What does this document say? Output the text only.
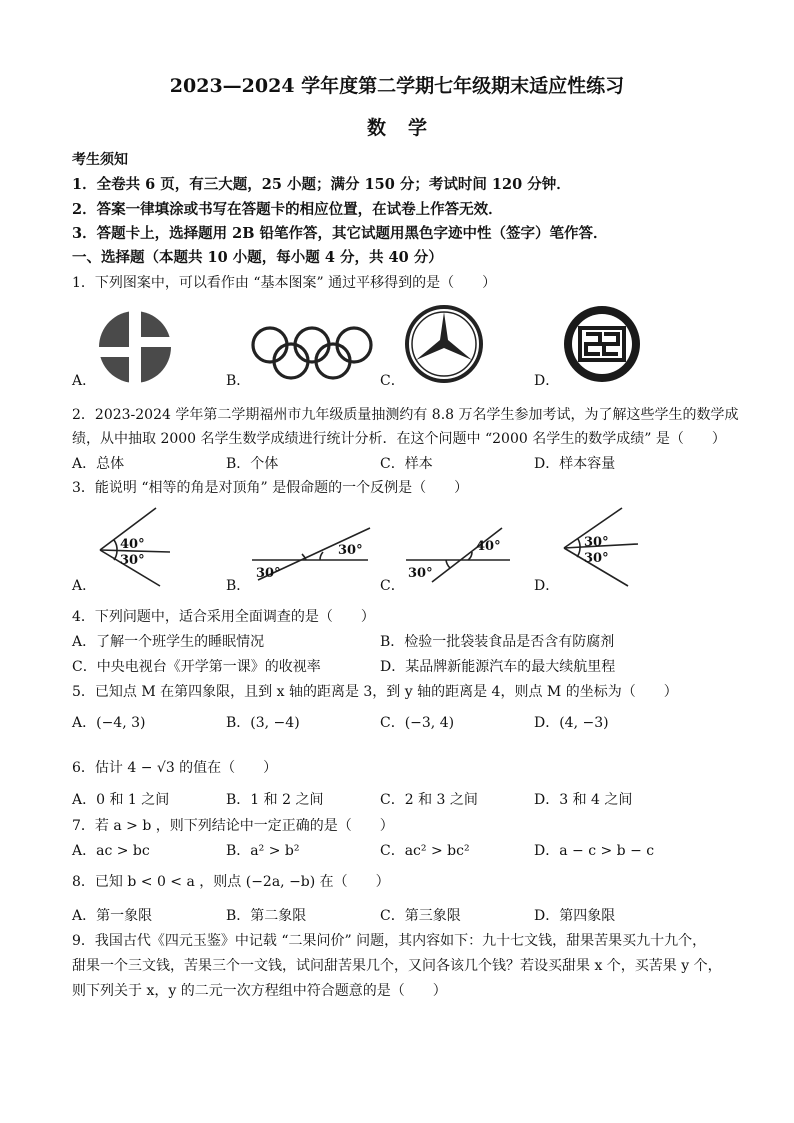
2023—2024 学年度第二学期七年级期末适应性练习
数学
考生须知
1．全卷共 6 页，有三大题，25 小题；满分 150 分；考试时间 120 分钟．
2．答案一律填涂或书写在答题卡的相应位置，在试卷上作答无效．
3．答题卡上，选择题用 2B 铅笔作答，其它试题用黑色字迹中性（签字）笔作答．
一、选择题（本题共 10 小题，每小题 4 分，共 40 分）
1．下列图案中，可以看作由 “基本图案” 通过平移得到的是（　　）
A．	B．	C．	D．
2．2023-2024 学年第二学期福州市九年级质量抽测约有 8.8 万名学生参加考试，为了解这些学生的数学成
绩，从中抽取 2000 名学生数学成绩进行统计分析．在这个问题中 “2000 名学生的数学成绩” 是（　　）
A．总体	B．个体	C．样本	D．样本容量
3．能说明 “相等的角是对顶角” 是假命题的一个反例是（　　）
A．
40°
30°
B．
30°
30°
C．
30°
40°
D．
30°
30°
4．下列问题中，适合采用全面调查的是（　　）
A．了解一个班学生的睡眠情况	B．检验一批袋装食品是否含有防腐剂
C．中央电视台《开学第一课》的收视率	D．某品牌新能源汽车的最大续航里程
5．已知点 M 在第四象限，且到 x 轴的距离是 3，到 y 轴的距离是 4，则点 M 的坐标为（　　）
A．(−4, 3)	B．(3, −4)	C．(−3, 4)	D．(4, −3)
6．估计 4 − √3 的值在（　　）
A．0 和 1 之间	B．1 和 2 之间	C．2 和 3 之间	D．3 和 4 之间
7．若 a > b ，则下列结论中一定正确的是（　　）
A．ac > bc	B．a² > b²	C．ac² > bc²	D．a − c > b − c
8．已知 b < 0 < a ，则点 (−2a, −b) 在（　　）
A．第一象限	B．第二象限	C．第三象限	D．第四象限
9．我国古代《四元玉鉴》中记载 “二果问价” 问题，其内容如下：九十七文钱，甜果苦果买九十九个，
甜果一个三文钱，苦果三个一文钱，试问甜苦果几个，又问各该几个钱？若设买甜果 x 个，买苦果 y 个，
则下列关于 x，y 的二元一次方程组中符合题意的是（　　）
